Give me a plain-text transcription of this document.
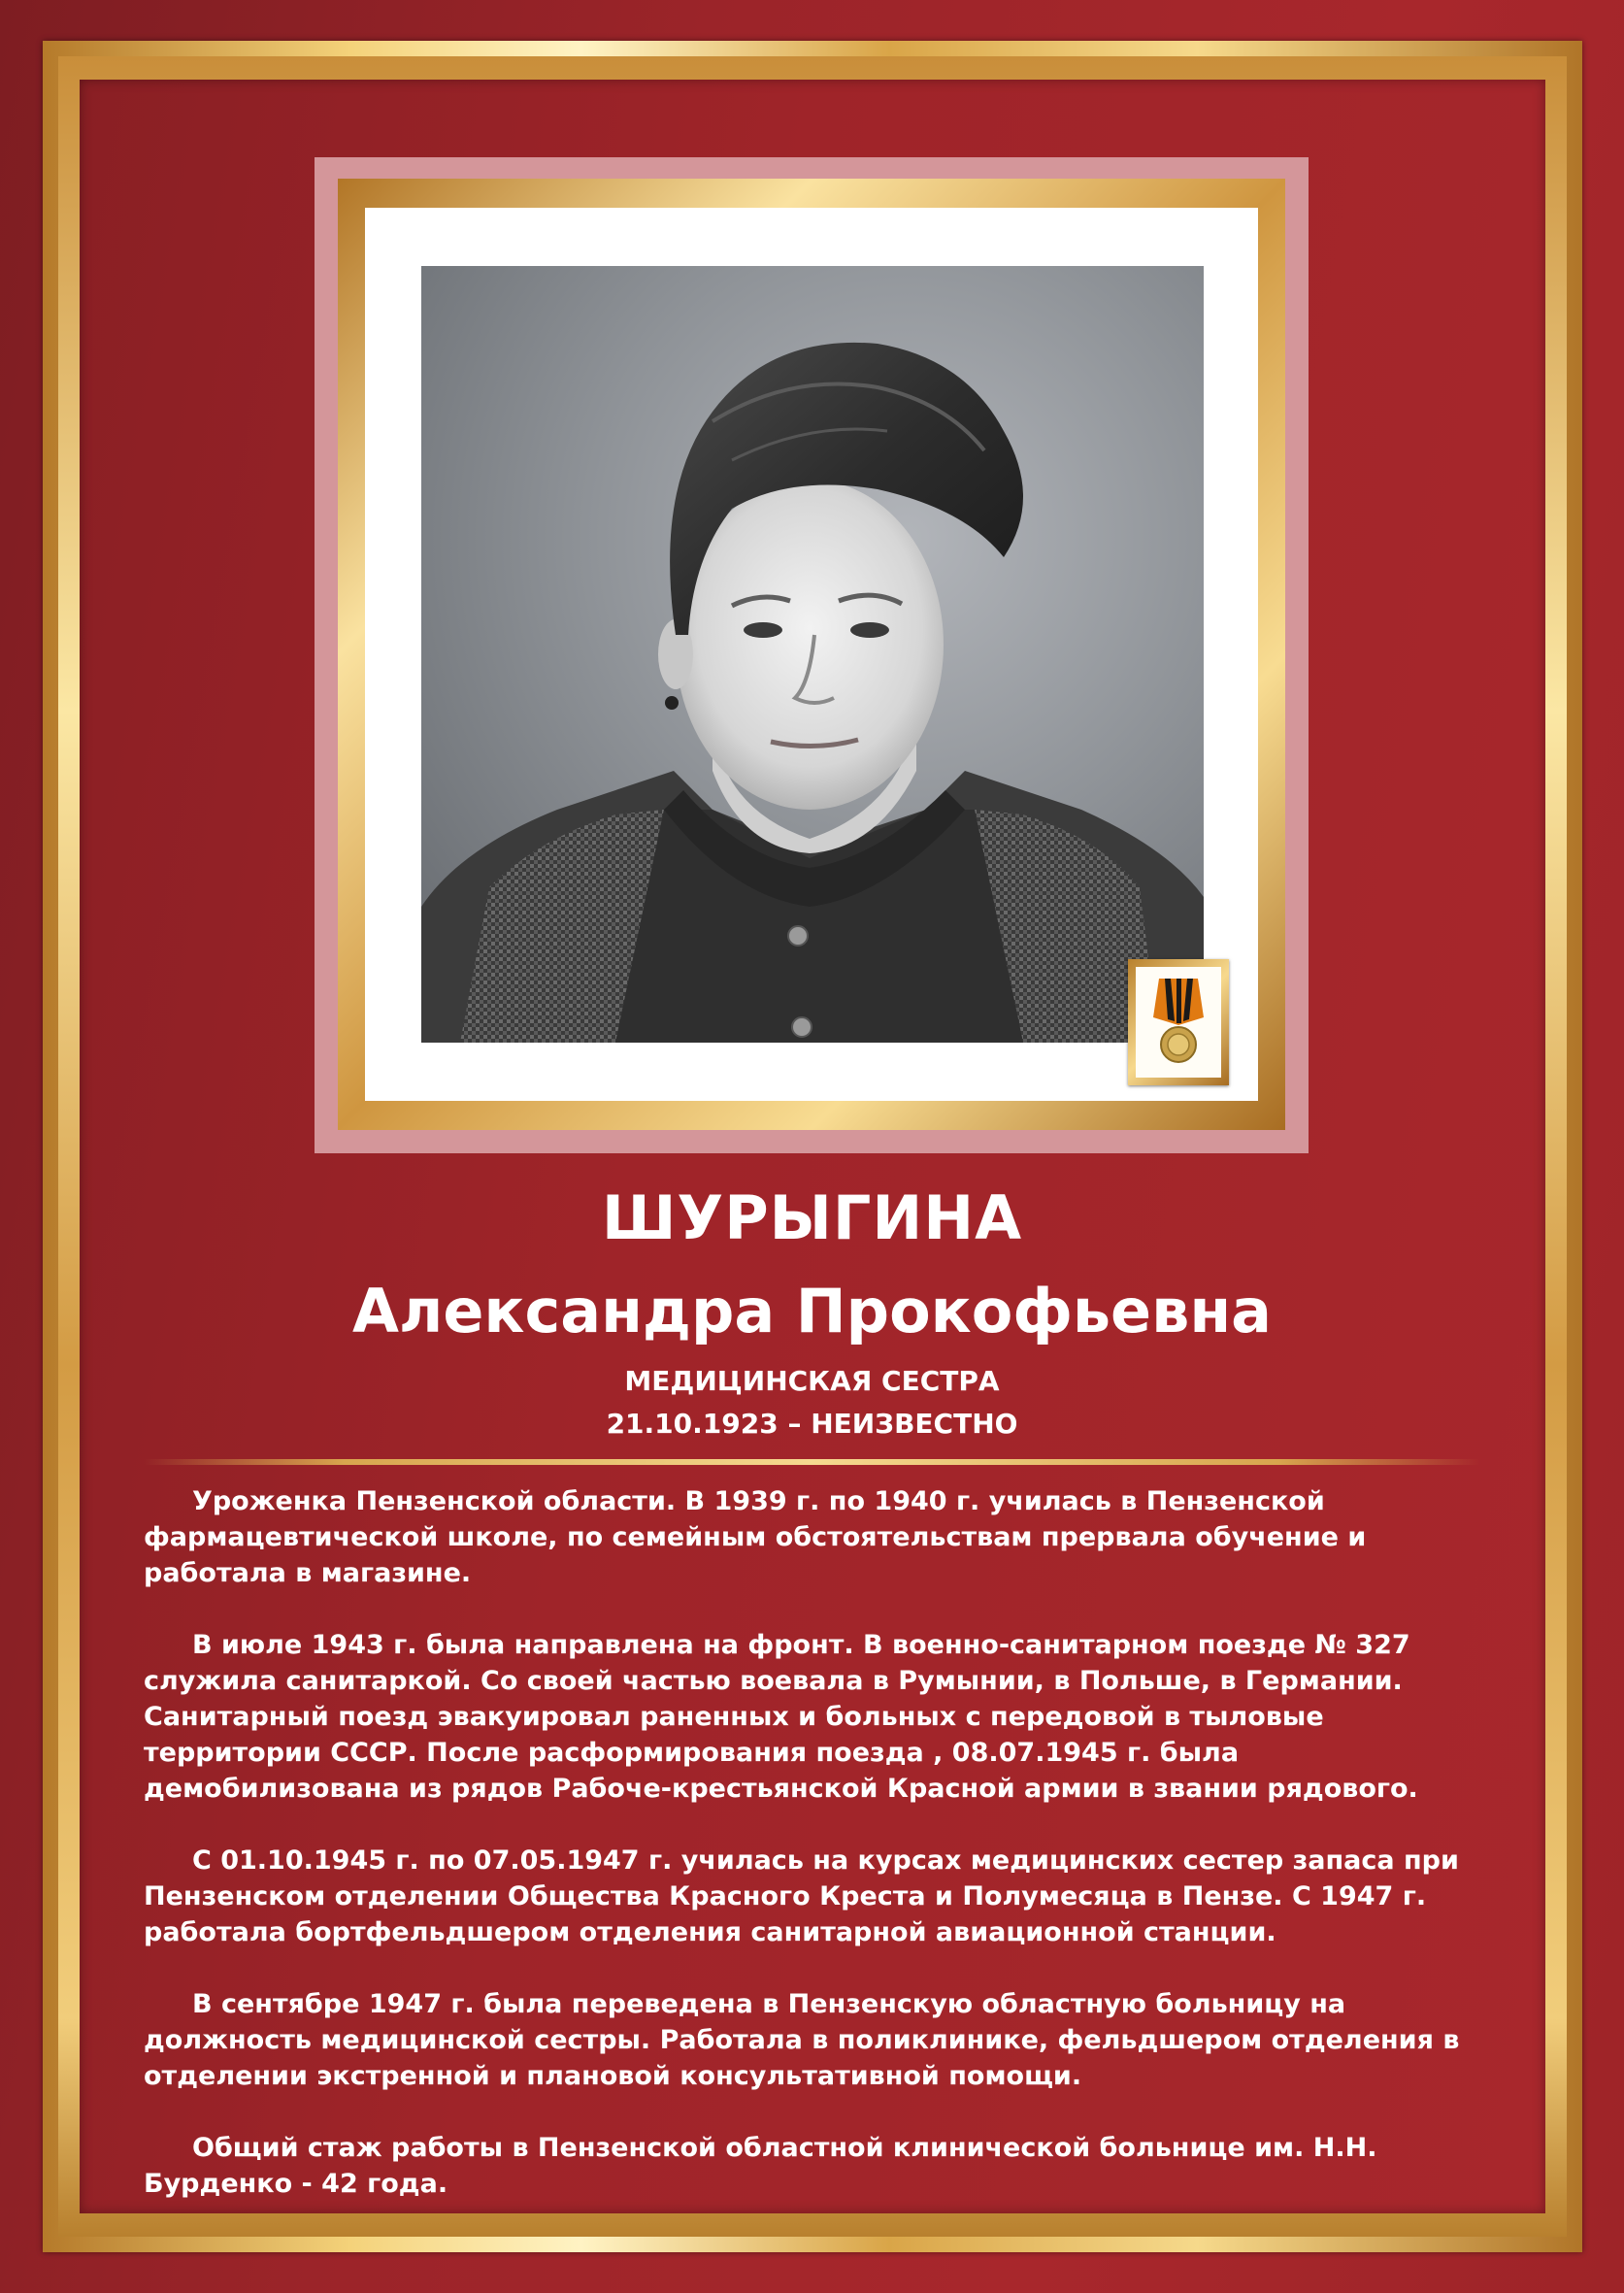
ШУРЫГИНА
Александра Прокофьевна
МЕДИЦИНСКАЯ СЕСТРА
21.10.1923 – НЕИЗВЕСТНО

Уроженка Пензенской области. В 1939 г. по 1940 г. училась в Пензенской фармацевтической школе, по семейным обстоятельствам прервала обучение и работала в магазине.

В июле 1943 г. была направлена на фронт. В военно-санитарном поезде № 327 служила санитаркой. Со своей частью воевала в Румынии, в Польше, в Германии. Санитарный поезд эвакуировал раненных и больных с передовой в тыловые территории СССР. После расформирования поезда , 08.07.1945 г. была демобилизована из рядов Рабоче-крестьянской Красной армии в звании рядового.

С 01.10.1945 г. по 07.05.1947 г. училась на курсах медицинских сестер запаса при Пензенском отделении Общества Красного Креста и Полумесяца в Пензе. С 1947 г. работала бортфельдшером отделения санитарной авиационной станции.

В сентябре 1947 г. была переведена в Пензенскую областную больницу на должность медицинской сестры. Работала в поликлинике, фельдшером отделения в отделении экстренной и плановой консультативной помощи.

Общий стаж работы в Пензенской областной клинической больнице им. Н.Н. Бурденко - 42 года.
